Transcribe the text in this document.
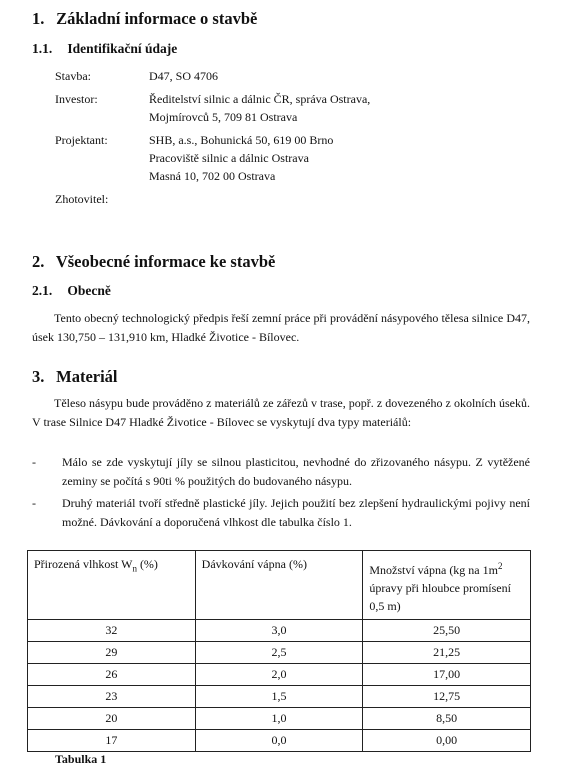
1. Základní informace o stavbě
1.1. Identifikační údaje
Stavba:	D47, SO 4706
Investor:	Ředitelství silnic a dálnic ČR, správa Ostrava,
Mojmírovců 5, 709 81 Ostrava
Projektant:	SHB, a.s., Bohunická 50, 619 00 Brno
Pracoviště silnic a dálnic Ostrava
Masná 10, 702 00 Ostrava
Zhotovitel:
2. Všeobecné informace ke stavbě
2.1. Obecně
Tento obecný technologický předpis řeší zemní práce při provádění násypového tělesa silnice D47, úsek 130,750 – 131,910 km, Hladké Životice - Bílovec.
3. Materiál
Těleso násypu bude prováděno z materiálů ze zářezů v trase, popř. z dovezeného z okolních úseků. V trase Silnice D47 Hladké Životice - Bílovec se vyskytují dva typy materiálů:
- Málo se zde vyskytují jíly se silnou plasticitou, nevhodné do zřizovaného násypu. Z vytěžené zeminy se počítá s 90ti % použitých do budovaného násypu.
- Druhý materiál tvoří středně plastické jíly. Jejich použití bez zlepšení hydraulickými pojivy není možné. Dávkování a doporučená vlhkost dle tabulka číslo 1.
Přirozená vlhkost $W_n$ (%)	Dávkování vápna (%)	Množství vápna (kg na $1m^2$
úpravy při hloubce promísení 0,5 m)
32	3,0	25,50
29	2,5	21,25
26	2,0	17,00
23	1,5	12,75
20	1,0	8,50
17	0,0	0,00
Tabulka 1
